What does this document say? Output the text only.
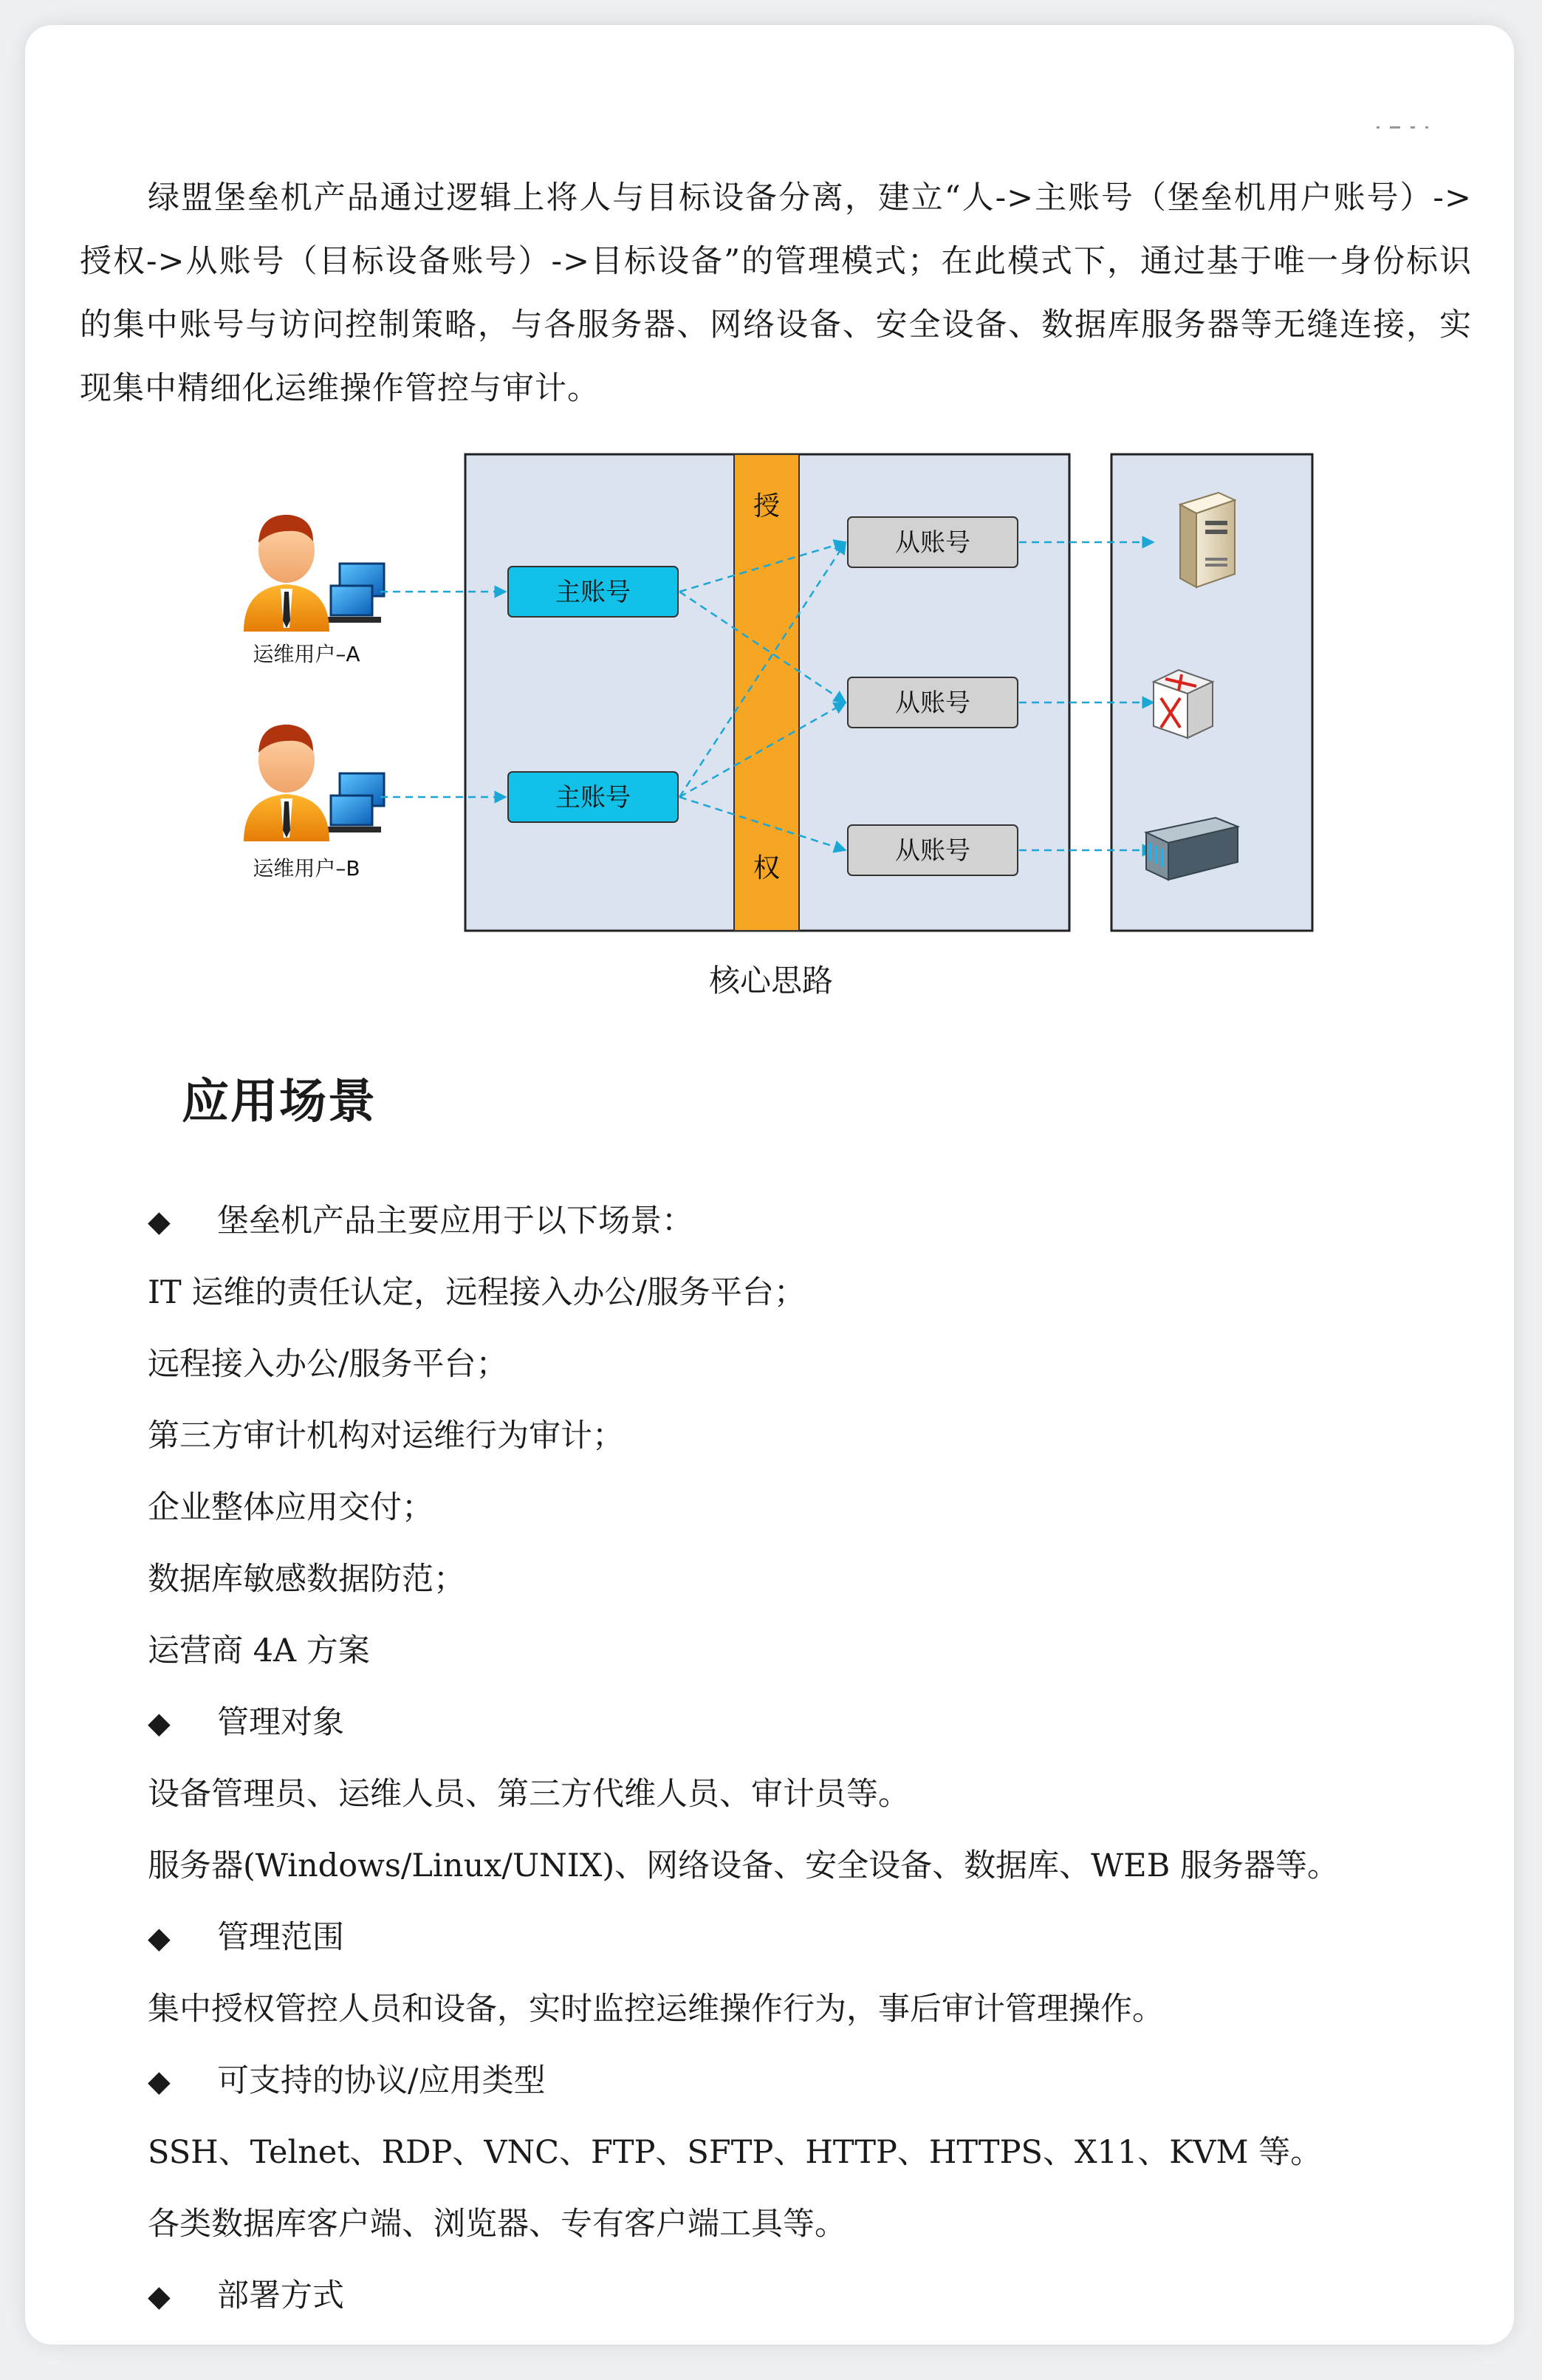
绿盟堡垒机产品通过逻辑上将人与目标设备分离，建立“人->主账号（堡垒机用户账号）->授权->从账号（目标设备账号）->目标设备”的管理模式；在此模式下，通过基于唯一身份标识的集中账号与访问控制策略，与各服务器、网络设备、安全设备、数据库服务器等无缝连接，实现集中精细化运维操作管控与审计。

授
权
运维用户–A
运维用户–B
主账号
主账号
从账号
从账号
从账号
核心思路
应用场景
◆ 堡垒机产品主要应用于以下场景：
IT 运维的责任认定，远程接入办公/服务平台；
远程接入办公/服务平台；
第三方审计机构对运维行为审计；
企业整体应用交付；
数据库敏感数据防范；
运营商 4A 方案
◆ 管理对象
设备管理员、运维人员、第三方代维人员、审计员等。
服务器(Windows/Linux/UNIX)、网络设备、安全设备、数据库、WEB 服务器等。
◆ 管理范围
集中授权管控人员和设备，实时监控运维操作行为，事后审计管理操作。
◆ 可支持的协议/应用类型
SSH、Telnet、RDP、VNC、FTP、SFTP、HTTP、HTTPS、X11、KVM 等。
各类数据库客户端、浏览器、专有客户端工具等。
◆ 部署方式
